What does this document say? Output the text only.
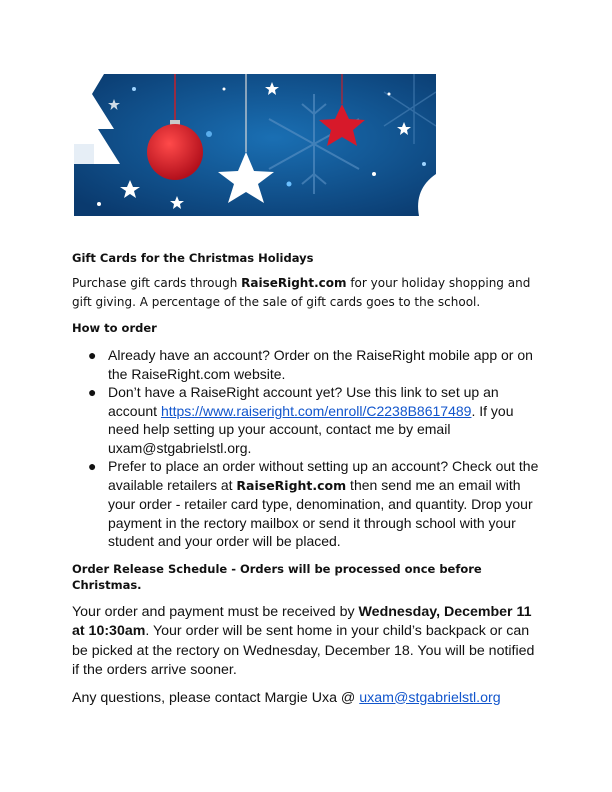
Gift Cards for the Christmas Holidays

Purchase gift cards through RaiseRight.com for your holiday shopping and gift giving. A percentage of the sale of gift cards goes to the school.

How to order

● Already have an account? Order on the RaiseRight mobile app or on the RaiseRight.com website.
● Don’t have a RaiseRight account yet? Use this link to set up an account https://www.raiseright.com/enroll/C2238B8617489. If you need help setting up your account, contact me by email uxam@stgabrielstl.org.
● Prefer to place an order without setting up an account? Check out the available retailers at RaiseRight.com then send me an email with your order - retailer card type, denomination, and quantity. Drop your payment in the rectory mailbox or send it through school with your student and your order will be placed.

Order Release Schedule - Orders will be processed once before Christmas.

Your order and payment must be received by Wednesday, December 11 at 10:30am. Your order will be sent home in your child’s backpack or can be picked at the rectory on Wednesday, December 18. You will be notified if the orders arrive sooner.

Any questions, please contact Margie Uxa @ uxam@stgabrielstl.org
